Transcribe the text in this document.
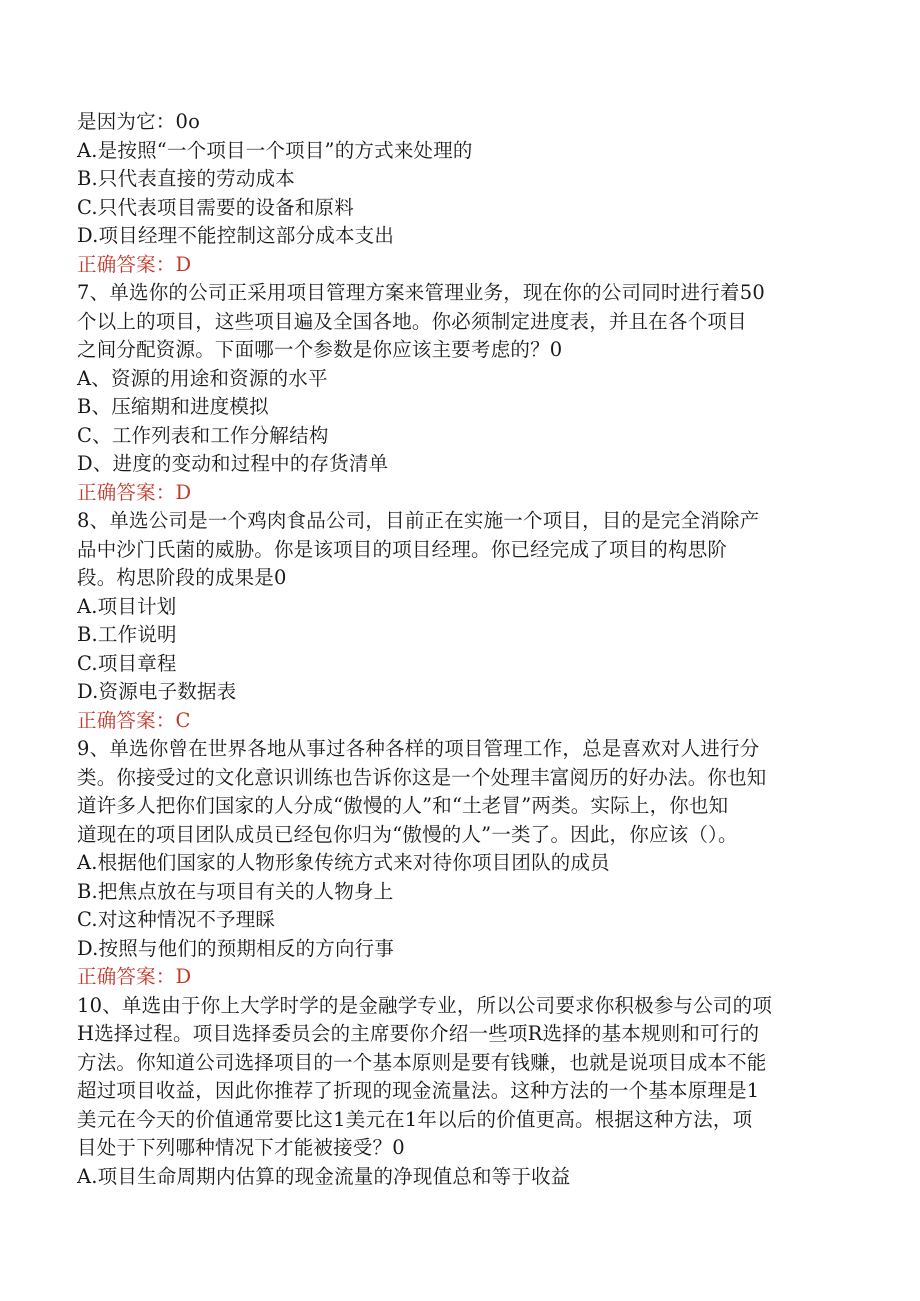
是因为它：0o
A.是按照“一个项目一个项目”的方式来处理的
B.只代表直接的劳动成本
C.只代表项目需要的设备和原料
D.项目经理不能控制这部分成本支出
正确答案：D
7、单选你的公司正采用项目管理方案来管理业务，现在你的公司同时进行着50
个以上的项目，这些项目遍及全国各地。你必须制定进度表，并且在各个项目
之间分配资源。下面哪一个参数是你应该主要考虑的？0
A、资源的用途和资源的水平
B、压缩期和进度模拟
C、工作列表和工作分解结构
D、进度的变动和过程中的存货清单
正确答案：D
8、单选公司是一个鸡肉食品公司，目前正在实施一个项目，目的是完全消除产
品中沙门氏菌的威胁。你是该项目的项目经理。你已经完成了项目的构思阶
段。构思阶段的成果是0
A.项目计划
B.工作说明
C.项目章程
D.资源电子数据表
正确答案：C
9、单选你曾在世界各地从事过各种各样的项目管理工作，总是喜欢对人进行分
类。你接受过的文化意识训练也告诉你这是一个处理丰富阅历的好办法。你也知
道许多人把你们国家的人分成“傲慢的人”和“土老冒”两类。实际上，你也知
道现在的项目团队成员已经包你归为“傲慢的人”一类了。因此，你应该（）。
A.根据他们国家的人物形象传统方式来对待你项目团队的成员
B.把焦点放在与项目有关的人物身上
C.对这种情况不予理睬
D.按照与他们的预期相反的方向行事
正确答案：D
10、单选由于你上大学时学的是金融学专业，所以公司要求你积极参与公司的项
H选择过程。项目选择委员会的主席要你介绍一些项R选择的基本规则和可行的
方法。你知道公司选择项目的一个基本原则是要有钱赚，也就是说项目成本不能
超过项目收益，因此你推荐了折现的现金流量法。这种方法的一个基本原理是1
美元在今天的价值通常要比这1美元在1年以后的价值更高。根据这种方法，项
目处于下列哪种情况下才能被接受？0
A.项目生命周期内估算的现金流量的净现值总和等于收益
